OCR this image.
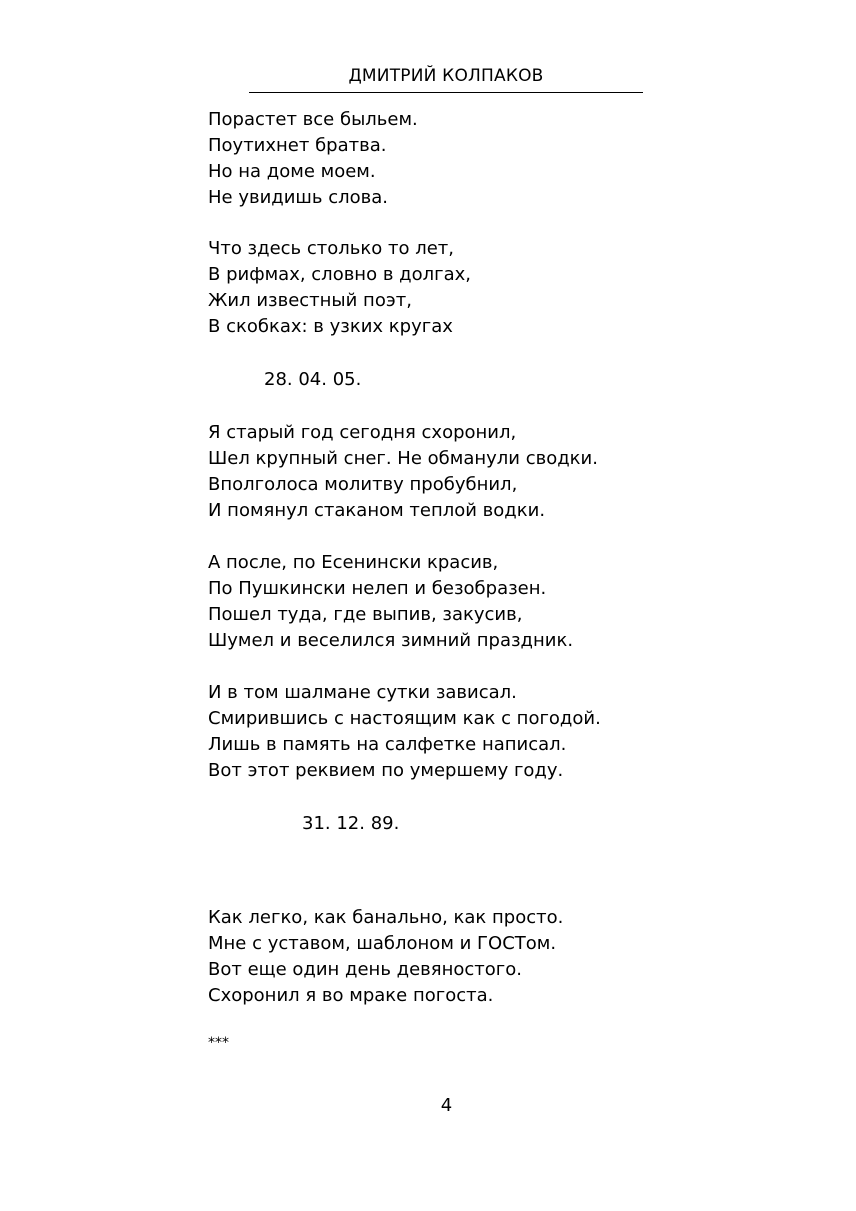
ДМИТРИЙ КОЛПАКОВ
Порастет все быльем.
Поутихнет братва.
Но на доме моем.
Не увидишь слова.
Что здесь столько то лет,
В рифмах, словно в долгах,
Жил известный поэт,
В скобках: в узких кругах
28. 04. 05.
Я старый год сегодня схоронил,
Шел крупный снег. Не обманули сводки.
Вполголоса молитву пробубнил,
И помянул стаканом теплой водки.
А после, по Есенински красив,
По Пушкински нелеп и безобразен.
Пошел туда, где выпив, закусив,
Шумел и веселился зимний праздник.
И в том шалмане сутки зависал.
Смирившись с настоящим как с погодой.
Лишь в память на салфетке написал.
Вот этот реквием по умершему году.
31. 12. 89.
Как легко, как банально, как просто.
Мне с уставом, шаблоном и ГОСТом.
Вот еще один день девяностого.
Схоронил я во мраке погоста.
***
4
